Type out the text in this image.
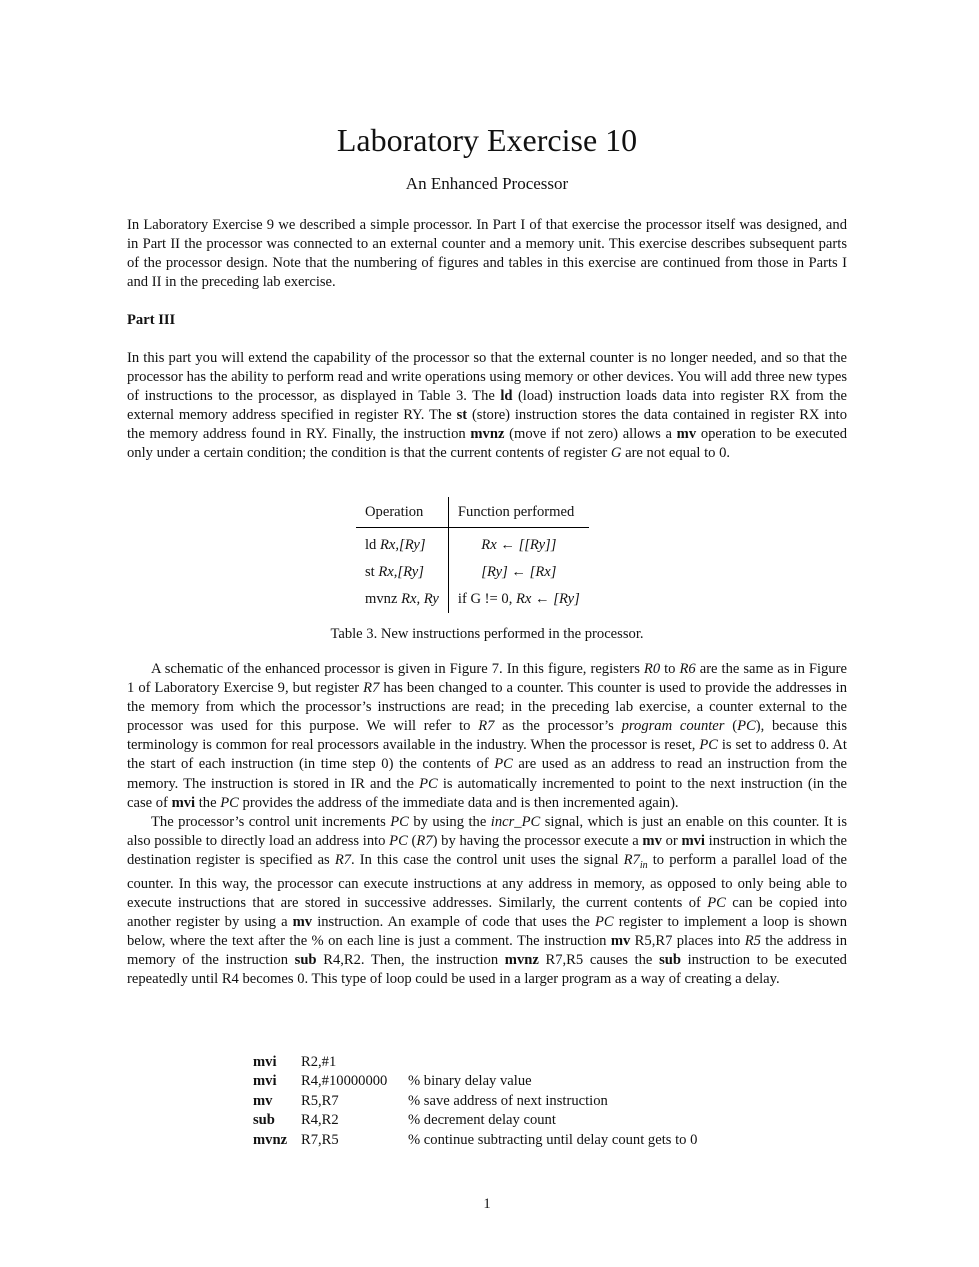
Laboratory Exercise 10
An Enhanced Processor

In Laboratory Exercise 9 we described a simple processor. In Part I of that exercise the processor itself was designed, and in Part II the processor was connected to an external counter and a memory unit. This exercise describes subsequent parts of the processor design. Note that the numbering of figures and tables in this exercise are continued from those in Parts I and II in the preceding lab exercise.

Part III

In this part you will extend the capability of the processor so that the external counter is no longer needed, and so that the processor has the ability to perform read and write operations using memory or other devices. You will add three new types of instructions to the processor, as displayed in Table 3. The ld (load) instruction loads data into register RX from the external memory address specified in register RY. The st (store) instruction stores the data contained in register RX into the memory address found in RY. Finally, the instruction mvnz (move if not zero) allows a mv operation to be executed only under a certain condition; the condition is that the current contents of register G are not equal to 0.

Operation	Function performed
ld Rx,[Ry]	Rx ← [[Ry]]
st Rx,[Ry]	[Ry] ← [Rx]
mvnz Rx, Ry	if G != 0, Rx ← [Ry]
Table 3. New instructions performed in the processor.

A schematic of the enhanced processor is given in Figure 7. In this figure, registers R0 to R6 are the same as in Figure 1 of Laboratory Exercise 9, but register R7 has been changed to a counter. This counter is used to provide the addresses in the memory from which the processor’s instructions are read; in the preceding lab exercise, a counter external to the processor was used for this purpose. We will refer to R7 as the processor’s program counter (PC), because this terminology is common for real processors available in the industry. When the processor is reset, PC is set to address 0. At the start of each instruction (in time step 0) the contents of PC are used as an address to read an instruction from the memory. The instruction is stored in IR and the PC is automatically incremented to point to the next instruction (in the case of mvi the PC provides the address of the immediate data and is then incremented again).

The processor’s control unit increments PC by using the incr_PC signal, which is just an enable on this counter. It is also possible to directly load an address into PC (R7) by having the processor execute a mv or mvi instruction in which the destination register is specified as R7. In this case the control unit uses the signal $R7_{in}$ to perform a parallel load of the counter. In this way, the processor can execute instructions at any address in memory, as opposed to only being able to execute instructions that are stored in successive addresses. Similarly, the current contents of PC can be copied into another register by using a mv instruction. An example of code that uses the PC register to implement a loop is shown below, where the text after the % on each line is just a comment. The instruction mv R5,R7 places into R5 the address in memory of the instruction sub R4,R2. Then, the instruction mvnz R7,R5 causes the sub instruction to be executed repeatedly until R4 becomes 0. This type of loop could be used in a larger program as a way of creating a delay.

mvi R2,#1
mvi R4,#10000000 % binary delay value
mv R5,R7	% save address of next instruction
sub R4,R2	% decrement delay count
mvnz R7,R5	% continue subtracting until delay count gets to 0
1
